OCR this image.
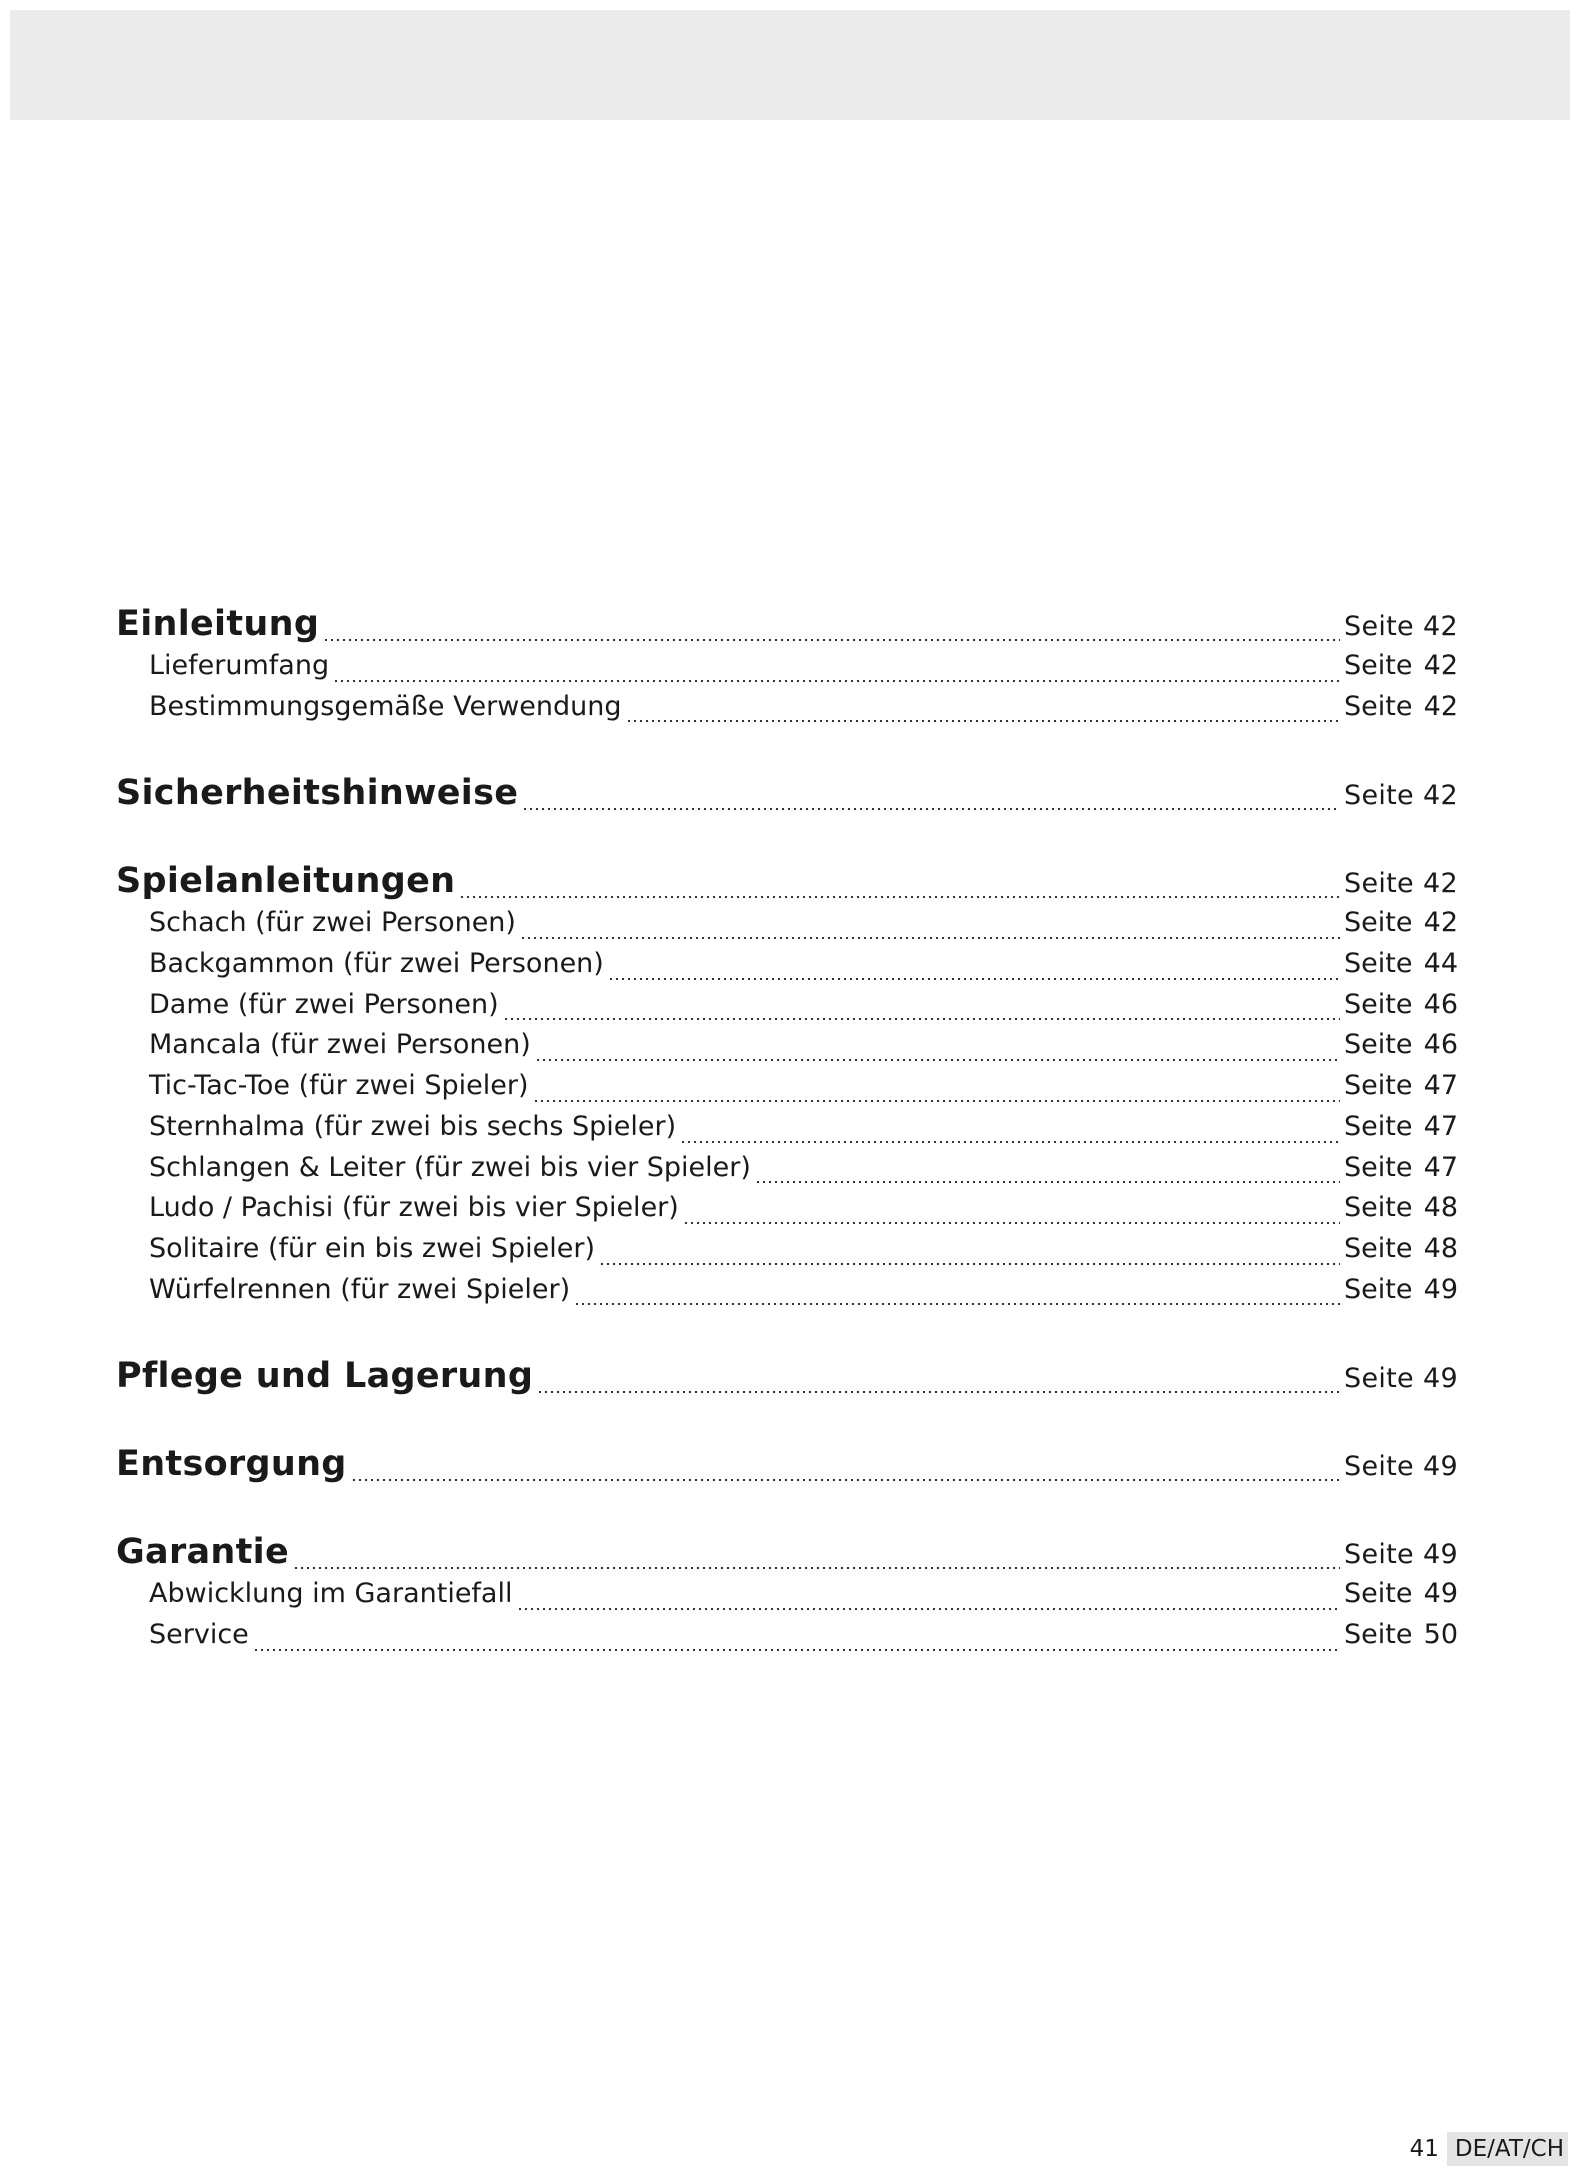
Einleitung	Seite 42
Lieferumfang	Seite 42
Bestimmungsgemäße Verwendung	Seite 42
Sicherheitshinweise	Seite 42
Spielanleitungen	Seite 42
Schach (für zwei Personen)	Seite 42
Backgammon (für zwei Personen)	Seite 44
Dame (für zwei Personen)	Seite 46
Mancala (für zwei Personen)	Seite 46
Tic-Tac-Toe (für zwei Spieler)	Seite 47
Sternhalma (für zwei bis sechs Spieler)	Seite 47
Schlangen & Leiter (für zwei bis vier Spieler)	Seite 47
Ludo / Pachisi (für zwei bis vier Spieler)	Seite 48
Solitaire (für ein bis zwei Spieler)	Seite 48
Würfelrennen (für zwei Spieler)	Seite 49
Pflege und Lagerung	Seite 49
Entsorgung	Seite 49
Garantie	Seite 49
Abwicklung im Garantiefall	Seite 49
Service	Seite 50
41 DE/AT/CH
